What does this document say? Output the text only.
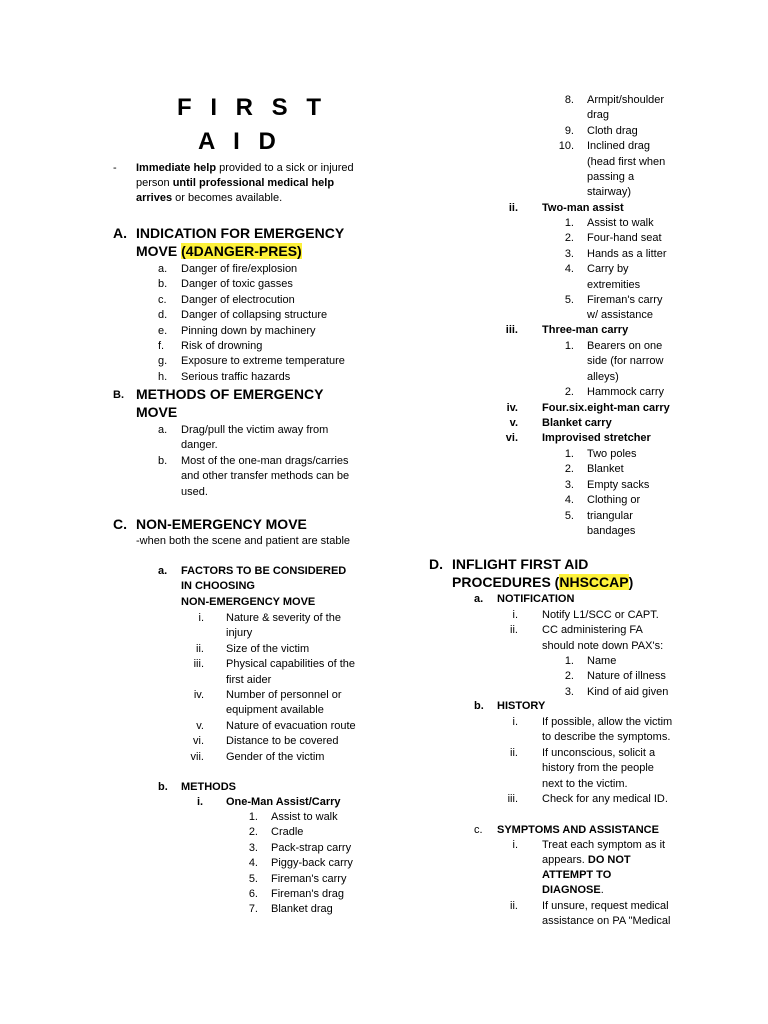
F I R S T
A I D
- Immediate help provided to a sick or injured
person until professional medical help
arrives or becomes available.
A. INDICATION FOR EMERGENCY
MOVE (4DANGER-PRES)
a. Danger of fire/explosion
b. Danger of toxic gasses
c. Danger of electrocution
d. Danger of collapsing structure
e. Pinning down by machinery
f. Risk of drowning
g. Exposure to extreme temperature
h. Serious traffic hazards
B. METHODS OF EMERGENCY
MOVE
a. Drag/pull the victim away from
danger.
b. Most of the one-man drags/carries
and other transfer methods can be
used.
C. NON-EMERGENCY MOVE
-when both the scene and patient are stable
a. FACTORS TO BE CONSIDERED
IN CHOOSING
NON-EMERGENCY MOVE
i. Nature & severity of the
injury
ii. Size of the victim
iii. Physical capabilities of the
first aider
iv. Number of personnel or
equipment available
v. Nature of evacuation route
vi. Distance to be covered
vii. Gender of the victim
b. METHODS
i. One-Man Assist/Carry
1. Assist to walk
2. Cradle
3. Pack-strap carry
4. Piggy-back carry
5. Fireman's carry
6. Fireman's drag
7. Blanket drag
8. Armpit/shoulder
drag
9. Cloth drag
10. Inclined drag
(head first when
passing a
stairway)
ii. Two-man assist
1. Assist to walk
2. Four-hand seat
3. Hands as a litter
4. Carry by
extremities
5. Fireman's carry
w/ assistance
iii. Three-man carry
1. Bearers on one
side (for narrow
alleys)
2. Hammock carry
iv. Four.six.eight-man carry
v. Blanket carry
vi. Improvised stretcher
1. Two poles
2. Blanket
3. Empty sacks
4. Clothing or
5. triangular
bandages
D. INFLIGHT FIRST AID
PROCEDURES (NHSCCAP)
a. NOTIFICATION
i. Notify L1/SCC or CAPT.
ii. CC administering FA
should note down PAX's:
1. Name
2. Nature of illness
3. Kind of aid given
b. HISTORY
i. If possible, allow the victim
to describe the symptoms.
ii. If unconscious, solicit a
history from the people
next to the victim.
iii. Check for any medical ID.
c. SYMPTOMS AND ASSISTANCE
i. Treat each symptom as it
appears. DO NOT
ATTEMPT TO
DIAGNOSE.
ii. If unsure, request medical
assistance on PA "Medical
